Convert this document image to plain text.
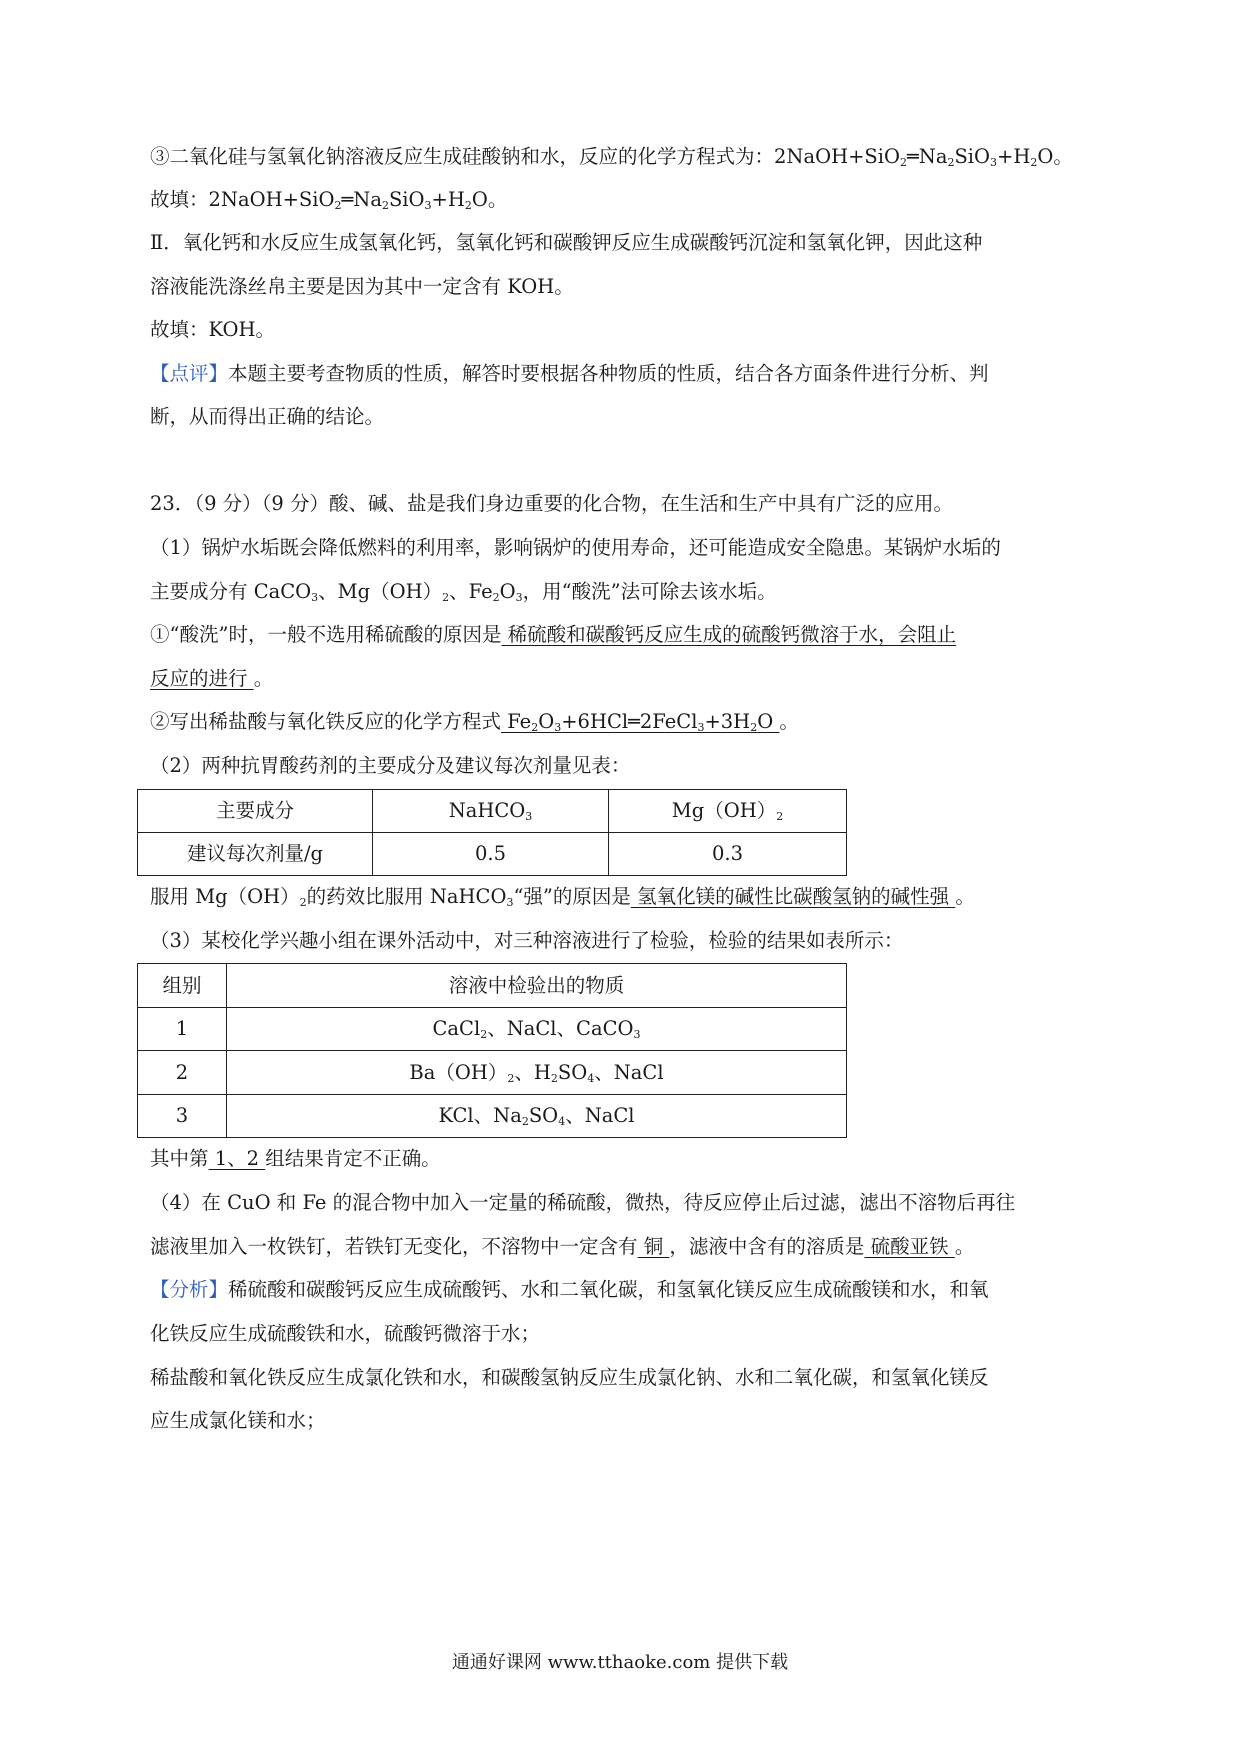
③二氧化硅与氢氧化钠溶液反应生成硅酸钠和水，反应的化学方程式为：$2NaOH+SiO_2═Na_2SiO_3+H_2O$。
故填：$2NaOH+SiO_2═Na_2SiO_3+H_2O$。
Ⅱ．氧化钙和水反应生成氢氧化钙，氢氧化钙和碳酸钾反应生成碳酸钙沉淀和氢氧化钾，因此这种
溶液能洗涤丝帛主要是因为其中一定含有 KOH。
故填：KOH。
【点评】本题主要考查物质的性质，解答时要根据各种物质的性质，结合各方面条件进行分析、判
断，从而得出正确的结论。
23．（9 分）（9 分）酸、碱、盐是我们身边重要的化合物，在生活和生产中具有广泛的应用。
（1）锅炉水垢既会降低燃料的利用率，影响锅炉的使用寿命，还可能造成安全隐患。某锅炉水垢的
主要成分有 CaCO$_3$、$Mg(OH)_2$、$Fe_2O_3$，用“酸洗”法可除去该水垢。
①“酸洗”时，一般不选用稀硫酸的原因是 稀硫酸和碳酸钙反应生成的硫酸钙微溶于水，会阻止
反应的进行 。
②写出稀盐酸与氧化铁反应的化学方程式 $Fe_2O_3+6HCl═2FeCl_3+3H_2O$ 。
（2）两种抗胃酸药剂的主要成分及建议每次剂量见表：
主要成分	NaHCO$_3$	$Mg(OH)_2$
建议每次剂量/g	0.5	0.3
服用 $Mg(OH)_2$的药效比服用 NaHCO$_3$“强”的原因是 氢氧化镁的碱性比碳酸氢钠的碱性强 。
（3）某校化学兴趣小组在课外活动中，对三种溶液进行了检验，检验的结果如表所示：
组别	溶液中检验出的物质
1	CaCl$_2$、NaCl、CaCO$_3$
2	$Ba(OH)_2$、$H_2SO_4$、NaCl
3	KCl、$Na_2SO_4$、NaCl
其中第 1、2 组结果肯定不正确。
（4）在 CuO 和 Fe 的混合物中加入一定量的稀硫酸，微热，待反应停止后过滤，滤出不溶物后再往
滤液里加入一枚铁钉，若铁钉无变化，不溶物中一定含有 铜 ，滤液中含有的溶质是 硫酸亚铁 。
【分析】稀硫酸和碳酸钙反应生成硫酸钙、水和二氧化碳，和氢氧化镁反应生成硫酸镁和水，和氧
化铁反应生成硫酸铁和水，硫酸钙微溶于水；
稀盐酸和氧化铁反应生成氯化铁和水，和碳酸氢钠反应生成氯化钠、水和二氧化碳，和氢氧化镁反
应生成氯化镁和水；
通通好课网 www.tthaoke.com 提供下载
